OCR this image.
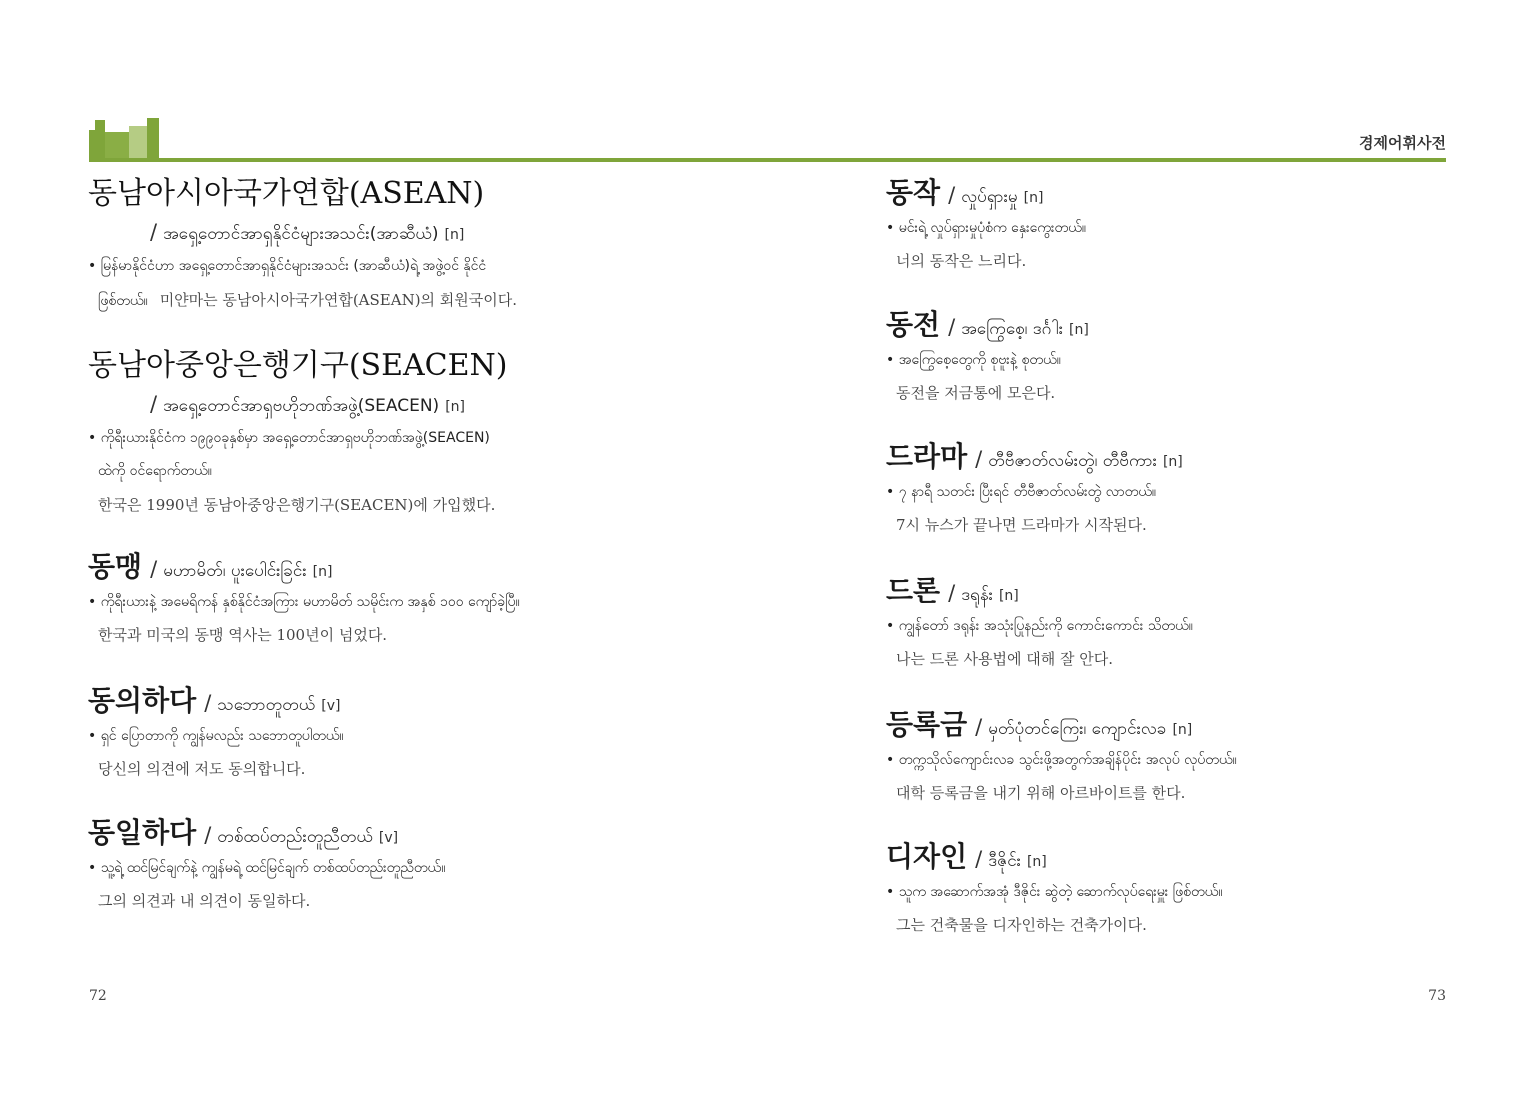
경제어휘사전
동남아시아국가연합(ASEAN)
/ အရှေ့တောင်အာရှနိုင်ငံများအသင်း(အာဆီယံ) [n]
• မြန်မာနိုင်ငံဟာ အရှေ့တောင်အာရှနိုင်ငံများအသင်း (အာဆီယံ)ရဲ့ အဖွဲ့ဝင် နိုင်ငံ
ဖြစ်တယ်။ 미얀마는 동남아시아국가연합(ASEAN)의 회원국이다.
동남아중앙은행기구(SEACEN)
/ အရှေ့တောင်အာရှဗဟိုဘဏ်အဖွဲ့(SEACEN) [n]
• ကိုရီးယားနိုင်ငံက ၁၉၉၀ခုနှစ်မှာ အရှေ့တောင်အာရှဗဟိုဘဏ်အဖွဲ့(SEACEN)
ထဲကို ဝင်ရောက်တယ်။
한국은 1990년 동남아중앙은행기구(SEACEN)에 가입했다.
동맹 / မဟာမိတ်၊ ပူးပေါင်းခြင်း [n]
• ကိုရီးယားနဲ့ အမေရိကန် နှစ်နိုင်ငံအကြား မဟာမိတ် သမိုင်းက အနှစ် ၁၀၀ ကျော်ခဲ့ပြီ။
한국과 미국의 동맹 역사는 100년이 넘었다.
동의하다 / သဘောတူတယ် [v]
• ရှင် ပြောတာကို ကျွန်မလည်း သဘောတူပါတယ်။
당신의 의견에 저도 동의합니다.
동일하다 / တစ်ထပ်တည်းတူညီတယ် [v]
• သူ့ရဲ့ ထင်မြင်ချက်နဲ့ ကျွန်မရဲ့ ထင်မြင်ချက် တစ်ထပ်တည်းတူညီတယ်။
그의 의견과 내 의견이 동일하다.
동작 / လှုပ်ရှားမှု [n]
• မင်းရဲ့ လှုပ်ရှားမှုပုံစံက နှေးကွေးတယ်။
너의 동작은 느리다.
동전 / အကြွေစေ့၊ ဒင်္ဂါး [n]
• အကြွေစေ့တွေကို စုဗူးနဲ့ စုတယ်။
동전을 저금통에 모은다.
드라마 / တီဗီဇာတ်လမ်းတွဲ၊ တီဗီကား [n]
• ၇ နာရီ သတင်း ပြီးရင် တီဗီဇာတ်လမ်းတွဲ လာတယ်။
7시 뉴스가 끝나면 드라마가 시작된다.
드론 / ဒရုန်း [n]
• ကျွန်တော် ဒရုန်း အသုံးပြုနည်းကို ကောင်းကောင်း သိတယ်။
나는 드론 사용법에 대해 잘 안다.
등록금 / မှတ်ပုံတင်ကြေး၊ ကျောင်းလခ [n]
• တက္ကသိုလ်ကျောင်းလခ သွင်းဖို့အတွက်အချိန်ပိုင်း အလုပ် လုပ်တယ်။
대학 등록금을 내기 위해 아르바이트를 한다.
디자인 / ဒီဇိုင်း [n]
• သူက အဆောက်အအုံ ဒီဇိုင်း ဆွဲတဲ့ ဆောက်လုပ်ရေးမှူး ဖြစ်တယ်။
그는 건축물을 디자인하는 건축가이다.
72	73
